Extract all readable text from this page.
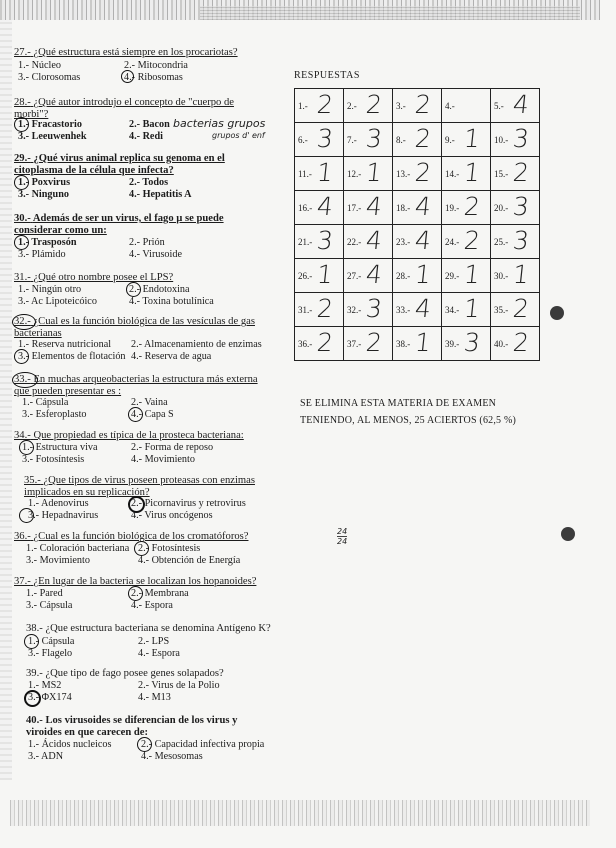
27.- ¿Qué estructura está siempre en los procariotas?
1.- Núcleo	2.- Mitocondria
3.- Clorosomas	4.- Ribosomas
28.- ¿Qué autor introdujo el concepto de "cuerpo de morbi"?
1.- Fracastorio	2.- Bacon
3.- Leeuwenhek	4.- Redi
bacterias grupos
grupos d' enf
29.- ¿Qué virus animal replica su genoma en el citoplasma de la célula que infecta?
1.- Poxvirus	2.- Todos
3.- Ninguno	4.- Hepatitis A
30.- Además de ser un virus, el fago µ se puede considerar como un:
1.- Trasposón	2.- Prión
3.- Plámido	4.- Virusoide
31.- ¿Qué otro nombre posee el LPS?
1.- Ningún otro	2.- Endotoxina
3.- Ac Lipoteicóico	4.- Toxina botulínica
32.- ¿Cual es la función biológica de las vesículas de gas bacterianas
1.- Reserva nutricional 2.- Almacenamiento de enzimas
3.- Elementos de flotación 4.- Reserva de agua
33.- En muchas arqueobacterias la estructura más externa que pueden presentar es :
1.- Cápsula	2.- Vaina
3.- Esferoplasto	4.- Capa S
34.- Que propiedad es típica de la prosteca bacteriana:
1.- Estructura viva	2.- Forma de reposo
3.- Fotosíntesis	4.- Movimiento
35.- ¿Que tipos de virus poseen proteasas con enzimas implicados en su replicación?
1.- Adenovirus	2.- Picornavirus y retrovirus
3.- Hepadnavirus	4.- Virus oncógenos
36.- ¿Cual es la función biológica de los cromatóforos?
1.- Coloración bacteriana 2.- Fotosíntesis
3.- Movimiento	4.- Obtención de Energía
37.- ¿En lugar de la bacteria se localizan los hopanoides?
1.- Pared	2.- Membrana
3.- Cápsula	4.- Espora
38.- ¿Que estructura bacteriana se denomina Antígeno K?
1.- Cápsula	2.- LPS
3.- Flagelo	4.- Espora
39.- ¿Que tipo de fago posee genes solapados?
1.- MS2	2.- Virus de la Polio
3.- ΦX174	4.- M13
40.- Los virusoides se diferencian de los virus y viroides en que carecen de:
1.- Ácidos nucleicos	2.- Capacidad infectiva propia
3.- ADN	4.- Mesosomas
RESPUESTAS
1.- 2	2.- 2	3.- 2	4.-	5.- 4

6.- 3	7.- 3	8.- 2	9.- 1	10.- 3

11.- 1	12.- 1	13.- 2	14.- 1	15.- 2

16.- 4	17.- 4	18.- 4	19.- 2	20.- 3

21.- 3	22.- 4	23.- 4	24.- 2	25.- 3

26.- 1	27.- 4	28.- 1	29.- 1	30.- 1

31.- 2	32.- 3	33.- 4	34.- 1	35.- 2

36.- 2	37.- 2	38.- 1	39.- 3	40.- 2
SE ELIMINA ESTA MATERIA DE EXAMEN
TENIENDO, AL MENOS, 25 ACIERTOS (62,5 %)
24

24
